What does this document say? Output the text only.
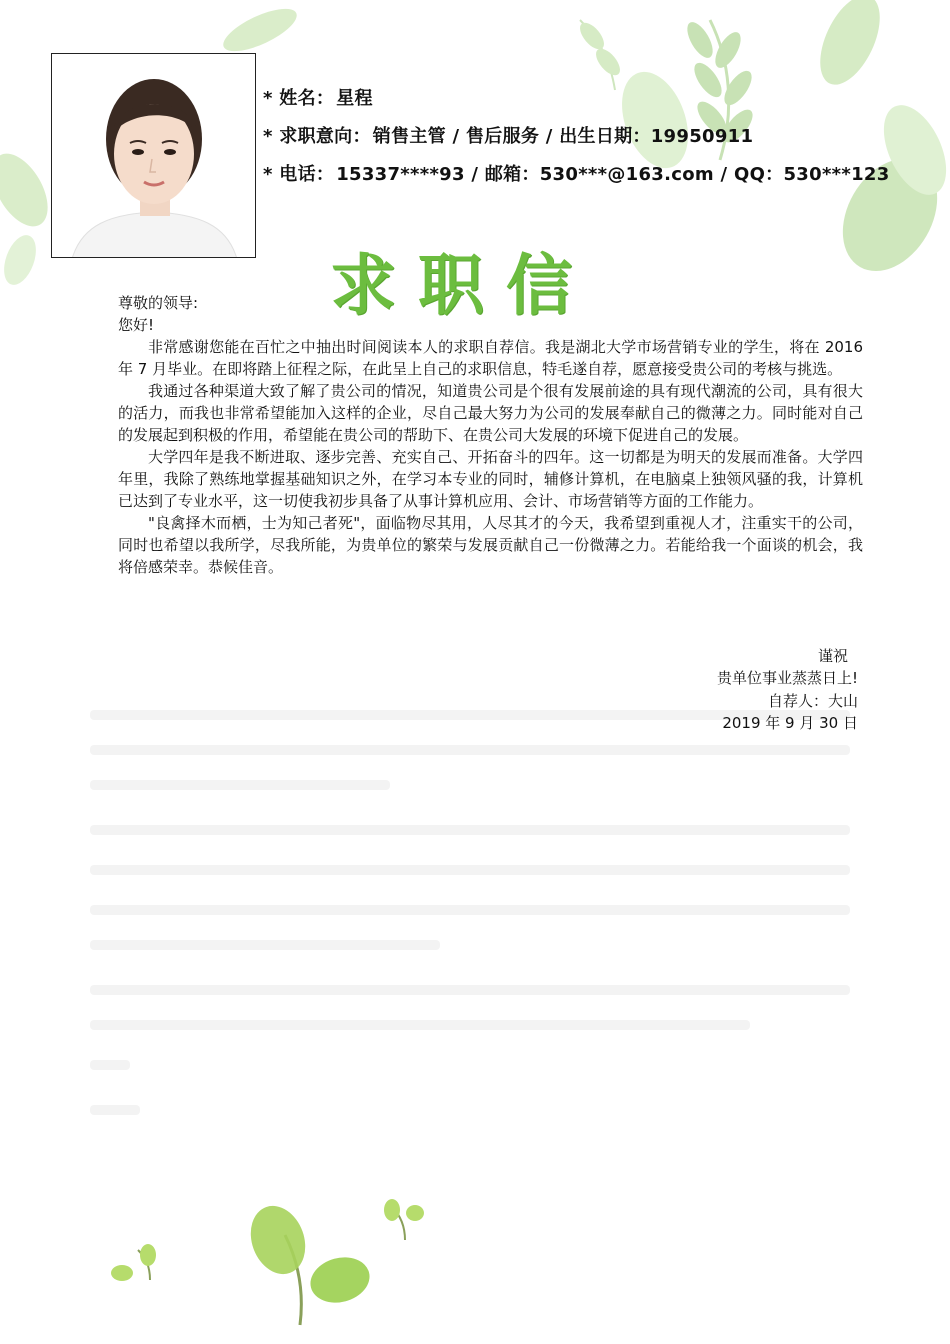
* 姓名： 星程
* 求职意向： 销售主管 / 售后服务 / 出生日期：19950911
* 电话： 15337****93 / 邮箱：530***@163.com / QQ：530***123
求职信

尊敬的领导:

您好!

非常感谢您能在百忙之中抽出时间阅读本人的求职自荐信。我是湖北大学市场营销专业的学生，将在 2016 年 7 月毕业。在即将踏上征程之际，在此呈上自己的求职信息，特毛遂自荐，愿意接受贵公司的考核与挑选。

我通过各种渠道大致了解了贵公司的情况，知道贵公司是个很有发展前途的具有现代潮流的公司，具有很大的活力，而我也非常希望能加入这样的企业，尽自己最大努力为公司的发展奉献自己的微薄之力。同时能对自己的发展起到积极的作用，希望能在贵公司的帮助下、在贵公司大发展的环境下促进自己的发展。

大学四年是我不断进取、逐步完善、充实自己、开拓奋斗的四年。这一切都是为明天的发展而准备。大学四年里，我除了熟练地掌握基础知识之外，在学习本专业的同时，辅修计算机，在电脑桌上独领风骚的我，计算机已达到了专业水平，这一切使我初步具备了从事计算机应用、会计、市场营销等方面的工作能力。

"良禽择木而栖，士为知己者死"，面临物尽其用，人尽其才的今天，我希望到重视人才，注重实干的公司，同时也希望以我所学，尽我所能，为贵单位的繁荣与发展贡献自己一份微薄之力。若能给我一个面谈的机会，我将倍感荣幸。恭候佳音。

谨祝
贵单位事业蒸蒸日上!
自荐人：大山
2019 年 9 月 30 日
